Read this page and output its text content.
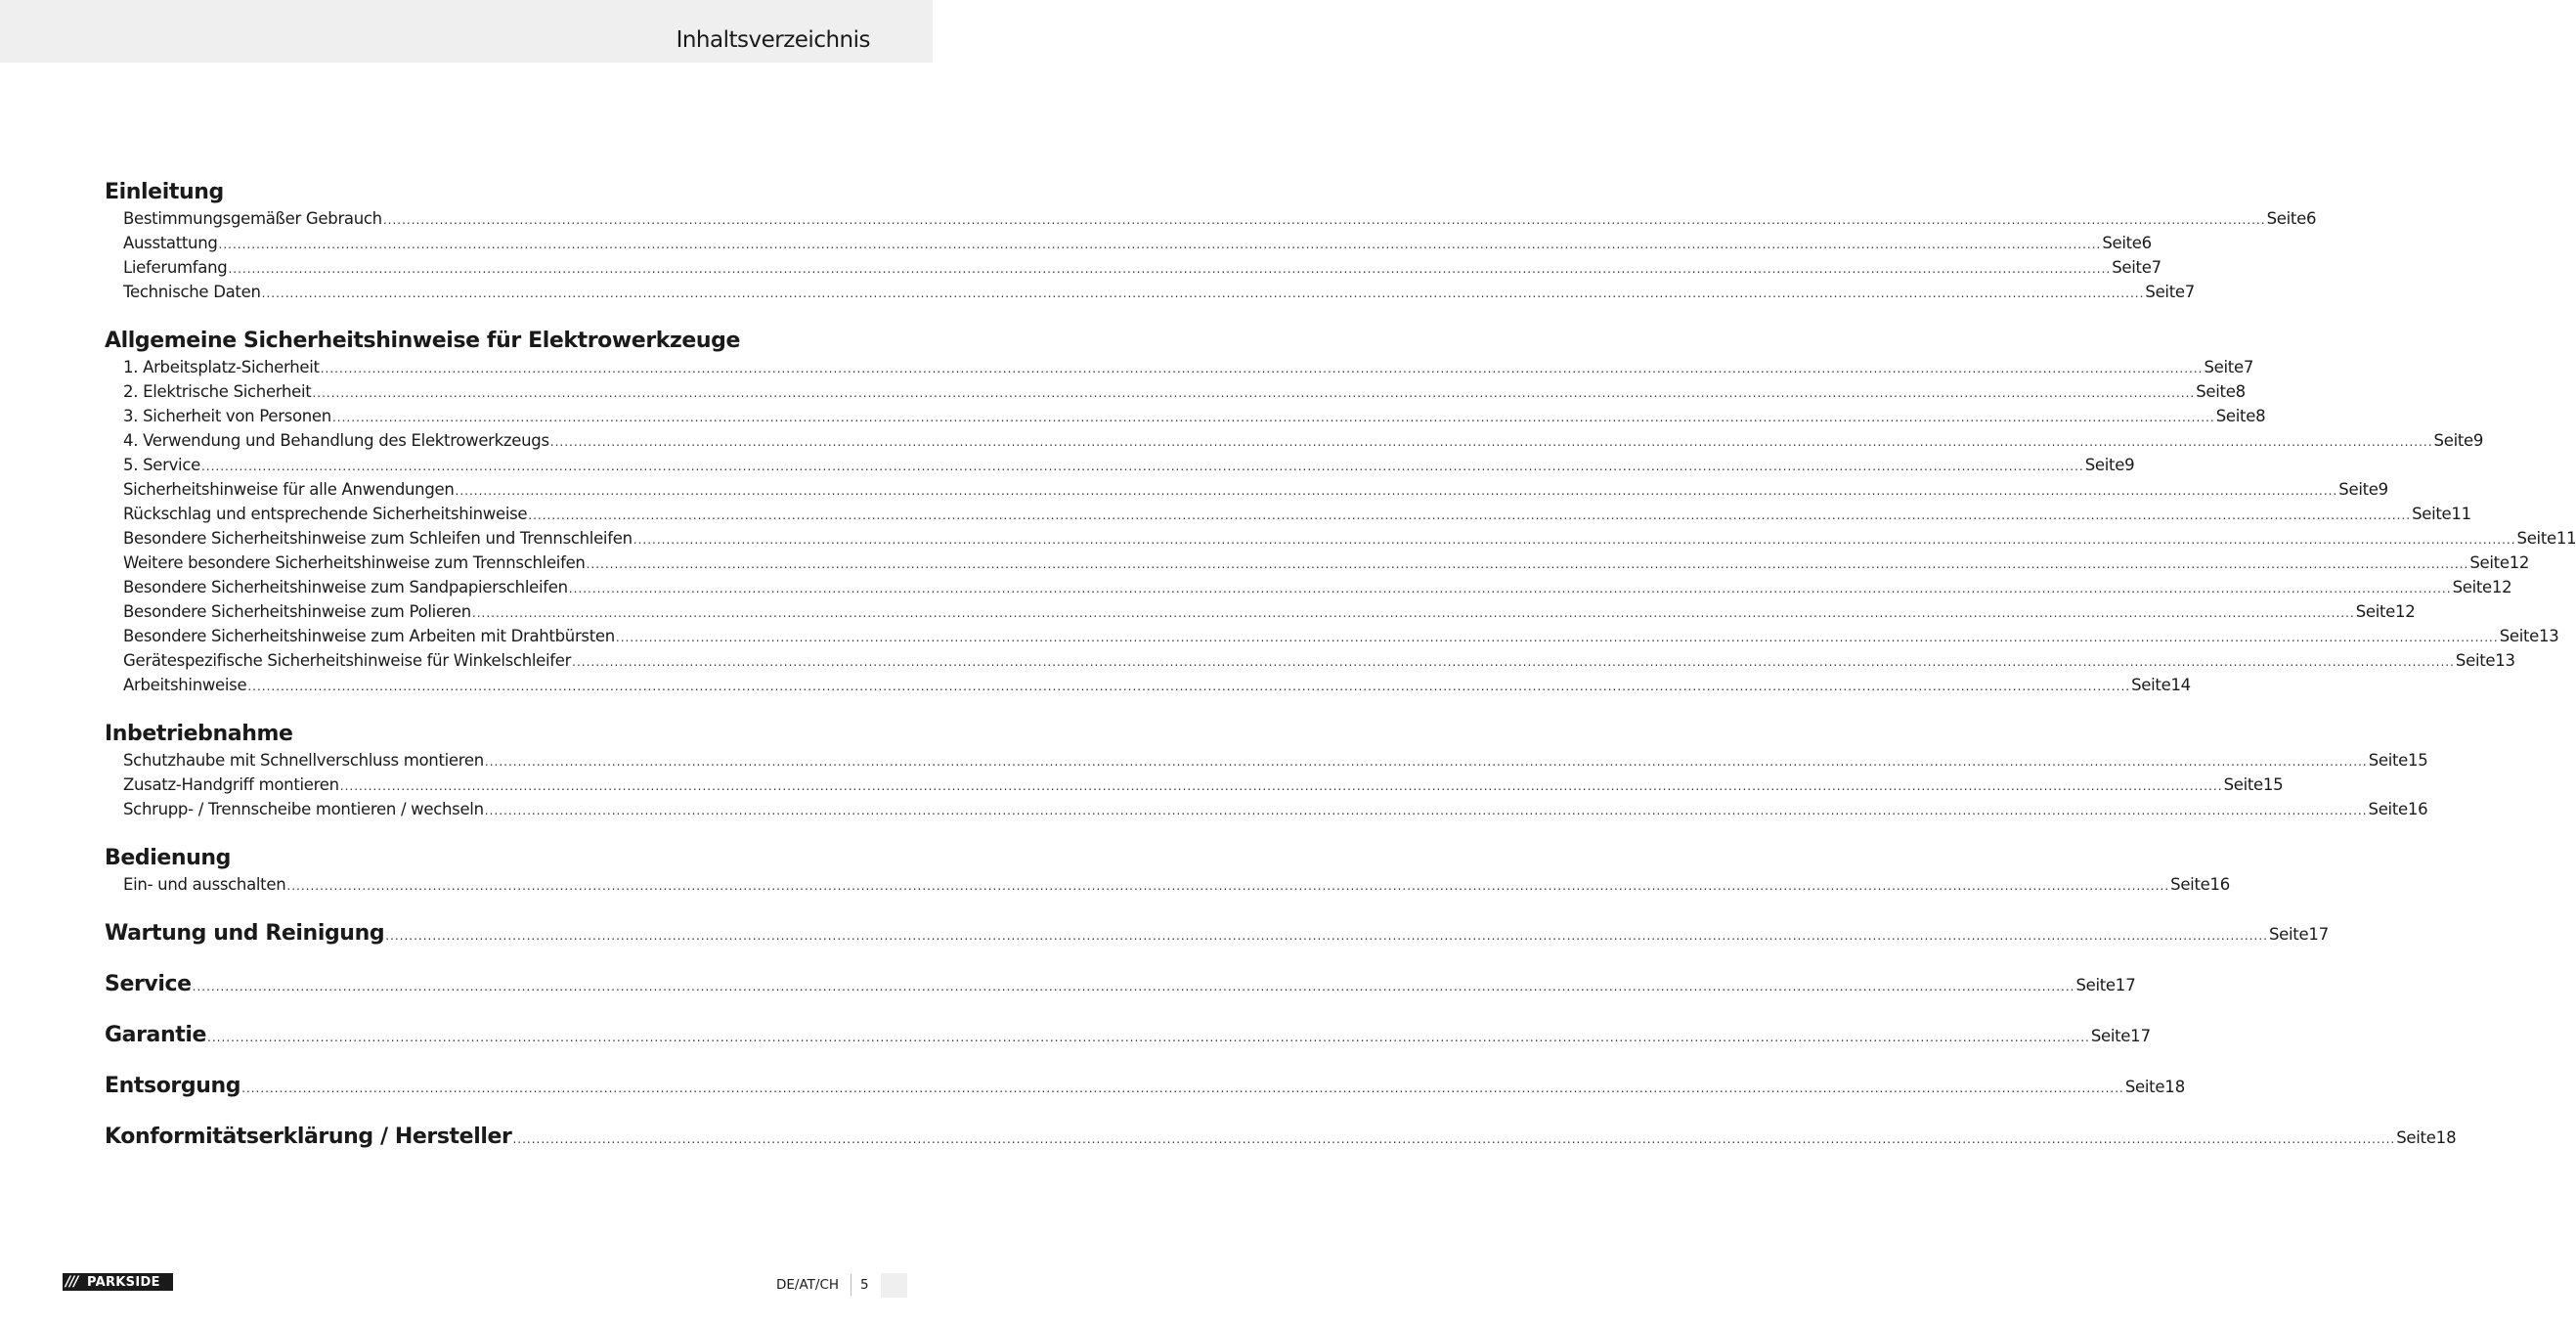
Inhaltsverzeichnis
Einleitung
Bestimmungsgemäßer Gebrauch ................................................................................................................................................................................................................................................................................................................................................................................................................ Seite 6
Ausstattung ................................................................................................................................................................................................................................................................................................................................................................................................................ Seite 6
Lieferumfang ................................................................................................................................................................................................................................................................................................................................................................................................................ Seite 7
Technische Daten ................................................................................................................................................................................................................................................................................................................................................................................................................ Seite 7
Allgemeine Sicherheitshinweise für Elektrowerkzeuge
1. Arbeitsplatz-Sicherheit ................................................................................................................................................................................................................................................................................................................................................................................................................ Seite 7
2. Elektrische Sicherheit ................................................................................................................................................................................................................................................................................................................................................................................................................ Seite 8
3. Sicherheit von Personen ................................................................................................................................................................................................................................................................................................................................................................................................................ Seite 8
4. Verwendung und Behandlung des Elektrowerkzeugs ................................................................................................................................................................................................................................................................................................................................................................................................................ Seite 9
5. Service ................................................................................................................................................................................................................................................................................................................................................................................................................ Seite 9
Sicherheitshinweise für alle Anwendungen ................................................................................................................................................................................................................................................................................................................................................................................................................ Seite 9
Rückschlag und entsprechende Sicherheitshinweise ................................................................................................................................................................................................................................................................................................................................................................................................................ Seite 11
Besondere Sicherheitshinweise zum Schleifen und Trennschleifen ................................................................................................................................................................................................................................................................................................................................................................................................................ Seite 11
Weitere besondere Sicherheitshinweise zum Trennschleifen ................................................................................................................................................................................................................................................................................................................................................................................................................ Seite 12
Besondere Sicherheitshinweise zum Sandpapierschleifen ................................................................................................................................................................................................................................................................................................................................................................................................................ Seite 12
Besondere Sicherheitshinweise zum Polieren ................................................................................................................................................................................................................................................................................................................................................................................................................ Seite 12
Besondere Sicherheitshinweise zum Arbeiten mit Drahtbürsten ................................................................................................................................................................................................................................................................................................................................................................................................................ Seite 13
Gerätespezifische Sicherheitshinweise für Winkelschleifer ................................................................................................................................................................................................................................................................................................................................................................................................................ Seite 13
Arbeitshinweise ................................................................................................................................................................................................................................................................................................................................................................................................................ Seite 14
Inbetriebnahme
Schutzhaube mit Schnellverschluss montieren ................................................................................................................................................................................................................................................................................................................................................................................................................ Seite 15
Zusatz-Handgriff montieren ................................................................................................................................................................................................................................................................................................................................................................................................................ Seite 15
Schrupp- / Trennscheibe montieren / wechseln ................................................................................................................................................................................................................................................................................................................................................................................................................ Seite 16
Bedienung
Ein- und ausschalten ................................................................................................................................................................................................................................................................................................................................................................................................................ Seite 16
Wartung und Reinigung ................................................................................................................................................................................................................................................................................................................................................................................................................ Seite 17
Service ................................................................................................................................................................................................................................................................................................................................................................................................................ Seite 17
Garantie ................................................................................................................................................................................................................................................................................................................................................................................................................ Seite 17
Entsorgung ................................................................................................................................................................................................................................................................................................................................................................................................................ Seite 18
Konformitätserklärung / Hersteller ................................................................................................................................................................................................................................................................................................................................................................................................................ Seite 18
/// PARKSIDE	DE/AT/CH 5
